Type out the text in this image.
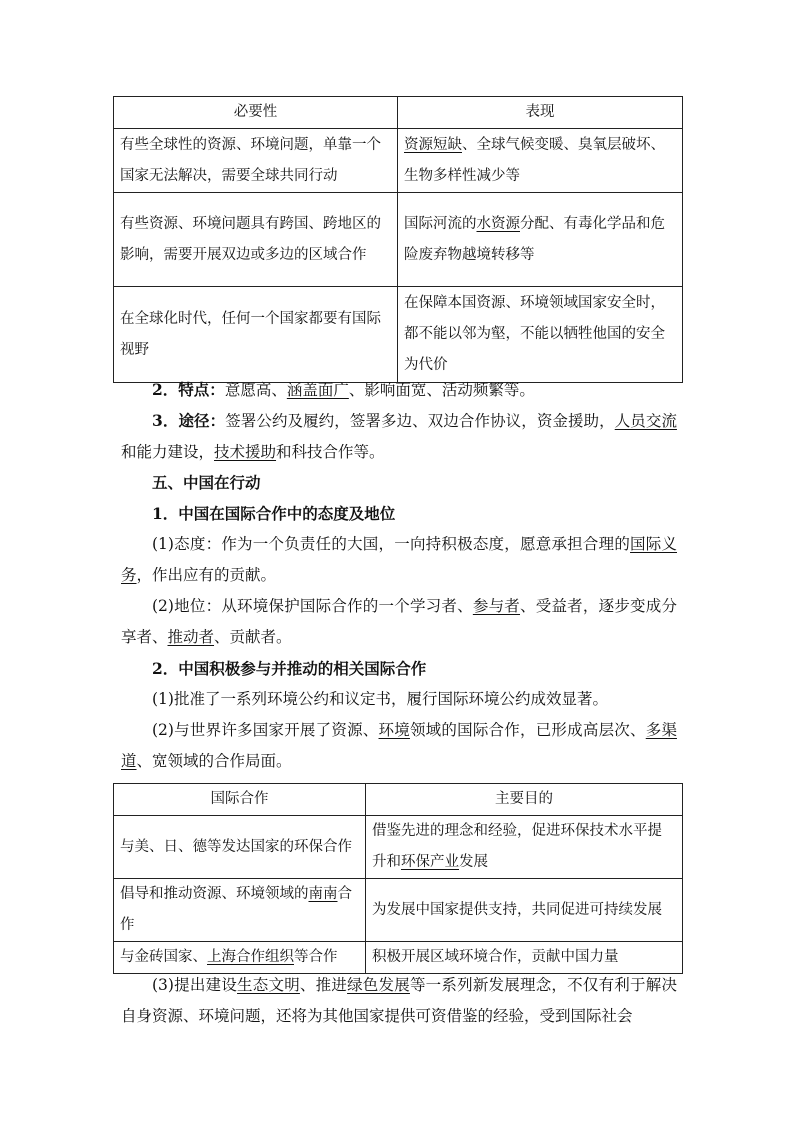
必要性	表现
有些全球性的资源、环境问题，单靠一个国家无法解决，需要全球共同行动	资源短缺、全球气候变暖、臭氧层破坏、生物多样性减少等
有些资源、环境问题具有跨国、跨地区的影响，需要开展双边或多边的区域合作	国际河流的水资源分配、有毒化学品和危险废弃物越境转移等
在全球化时代，任何一个国家都要有国际视野	在保障本国资源、环境领域国家安全时，都不能以邻为壑，不能以牺牲他国的安全为代价

2．特点：意愿高、涵盖面广、影响面宽、活动频繁等。

3．途径：签署公约及履约，签署多边、双边合作协议，资金援助，人员交流和能力建设，技术援助和科技合作等。

五、中国在行动

1．中国在国际合作中的态度及地位

(1)态度：作为一个负责任的大国，一向持积极态度，愿意承担合理的国际义务，作出应有的贡献。

(2)地位：从环境保护国际合作的一个学习者、参与者、受益者，逐步变成分享者、推动者、贡献者。

2．中国积极参与并推动的相关国际合作

(1)批准了一系列环境公约和议定书，履行国际环境公约成效显著。

(2)与世界许多国家开展了资源、环境领域的国际合作，已形成高层次、多渠道、宽领域的合作局面。

国际合作	主要目的
与美、日、德等发达国家的环保合作	借鉴先进的理念和经验，促进环保技术水平提升和环保产业发展
倡导和推动资源、环境领域的南南合作	为发展中国家提供支持，共同促进可持续发展
与金砖国家、上海合作组织等合作	积极开展区域环境合作，贡献中国力量

(3)提出建设生态文明、推进绿色发展等一系列新发展理念，不仅有利于解决自身资源、环境问题，还将为其他国家提供可资借鉴的经验，受到国际社会
